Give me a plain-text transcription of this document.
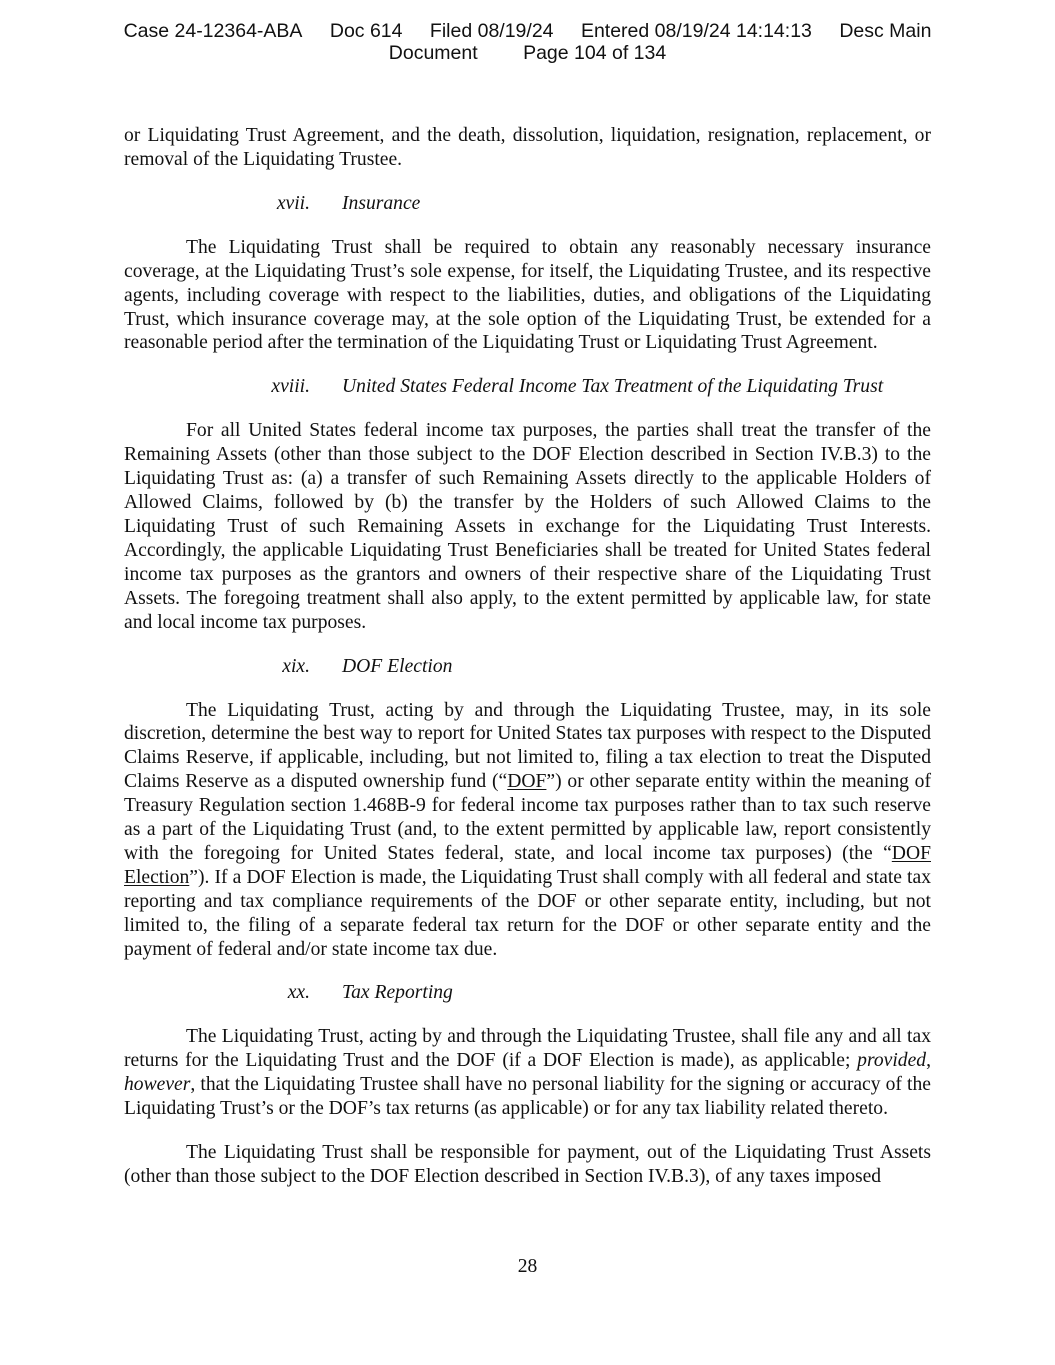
Case 24-12364-ABA Doc 614 Filed 08/19/24 Entered 08/19/24 14:14:13 Desc Main
Document Page 104 of 134

or Liquidating Trust Agreement, and the death, dissolution, liquidation, resignation, replacement, or removal of the Liquidating Trustee.

xvii. Insurance

The Liquidating Trust shall be required to obtain any reasonably necessary insurance coverage, at the Liquidating Trust’s sole expense, for itself, the Liquidating Trustee, and its respective agents, including coverage with respect to the liabilities, duties, and obligations of the Liquidating Trust, which insurance coverage may, at the sole option of the Liquidating Trust, be extended for a reasonable period after the termination of the Liquidating Trust or Liquidating Trust Agreement.

xviii. United States Federal Income Tax Treatment of the Liquidating Trust

For all United States federal income tax purposes, the parties shall treat the transfer of the Remaining Assets (other than those subject to the DOF Election described in Section IV.B.3) to the Liquidating Trust as: (a) a transfer of such Remaining Assets directly to the applicable Holders of Allowed Claims, followed by (b) the transfer by the Holders of such Allowed Claims to the Liquidating Trust of such Remaining Assets in exchange for the Liquidating Trust Interests. Accordingly, the applicable Liquidating Trust Beneficiaries shall be treated for United States federal income tax purposes as the grantors and owners of their respective share of the Liquidating Trust Assets. The foregoing treatment shall also apply, to the extent permitted by applicable law, for state and local income tax purposes.

xix. DOF Election

The Liquidating Trust, acting by and through the Liquidating Trustee, may, in its sole discretion, determine the best way to report for United States tax purposes with respect to the Disputed Claims Reserve, if applicable, including, but not limited to, filing a tax election to treat the Disputed Claims Reserve as a disputed ownership fund (“DOF”) or other separate entity within the meaning of Treasury Regulation section 1.468B-9 for federal income tax purposes rather than to tax such reserve as a part of the Liquidating Trust (and, to the extent permitted by applicable law, report consistently with the foregoing for United States federal, state, and local income tax purposes) (the “DOF Election”). If a DOF Election is made, the Liquidating Trust shall comply with all federal and state tax reporting and tax compliance requirements of the DOF or other separate entity, including, but not limited to, the filing of a separate federal tax return for the DOF or other separate entity and the payment of federal and/or state income tax due.

xx. Tax Reporting

The Liquidating Trust, acting by and through the Liquidating Trustee, shall file any and all tax returns for the Liquidating Trust and the DOF (if a DOF Election is made), as applicable; provided, however, that the Liquidating Trustee shall have no personal liability for the signing or accuracy of the Liquidating Trust’s or the DOF’s tax returns (as applicable) or for any tax liability related thereto.

The Liquidating Trust shall be responsible for payment, out of the Liquidating Trust Assets (other than those subject to the DOF Election described in Section IV.B.3), of any taxes imposed

28
